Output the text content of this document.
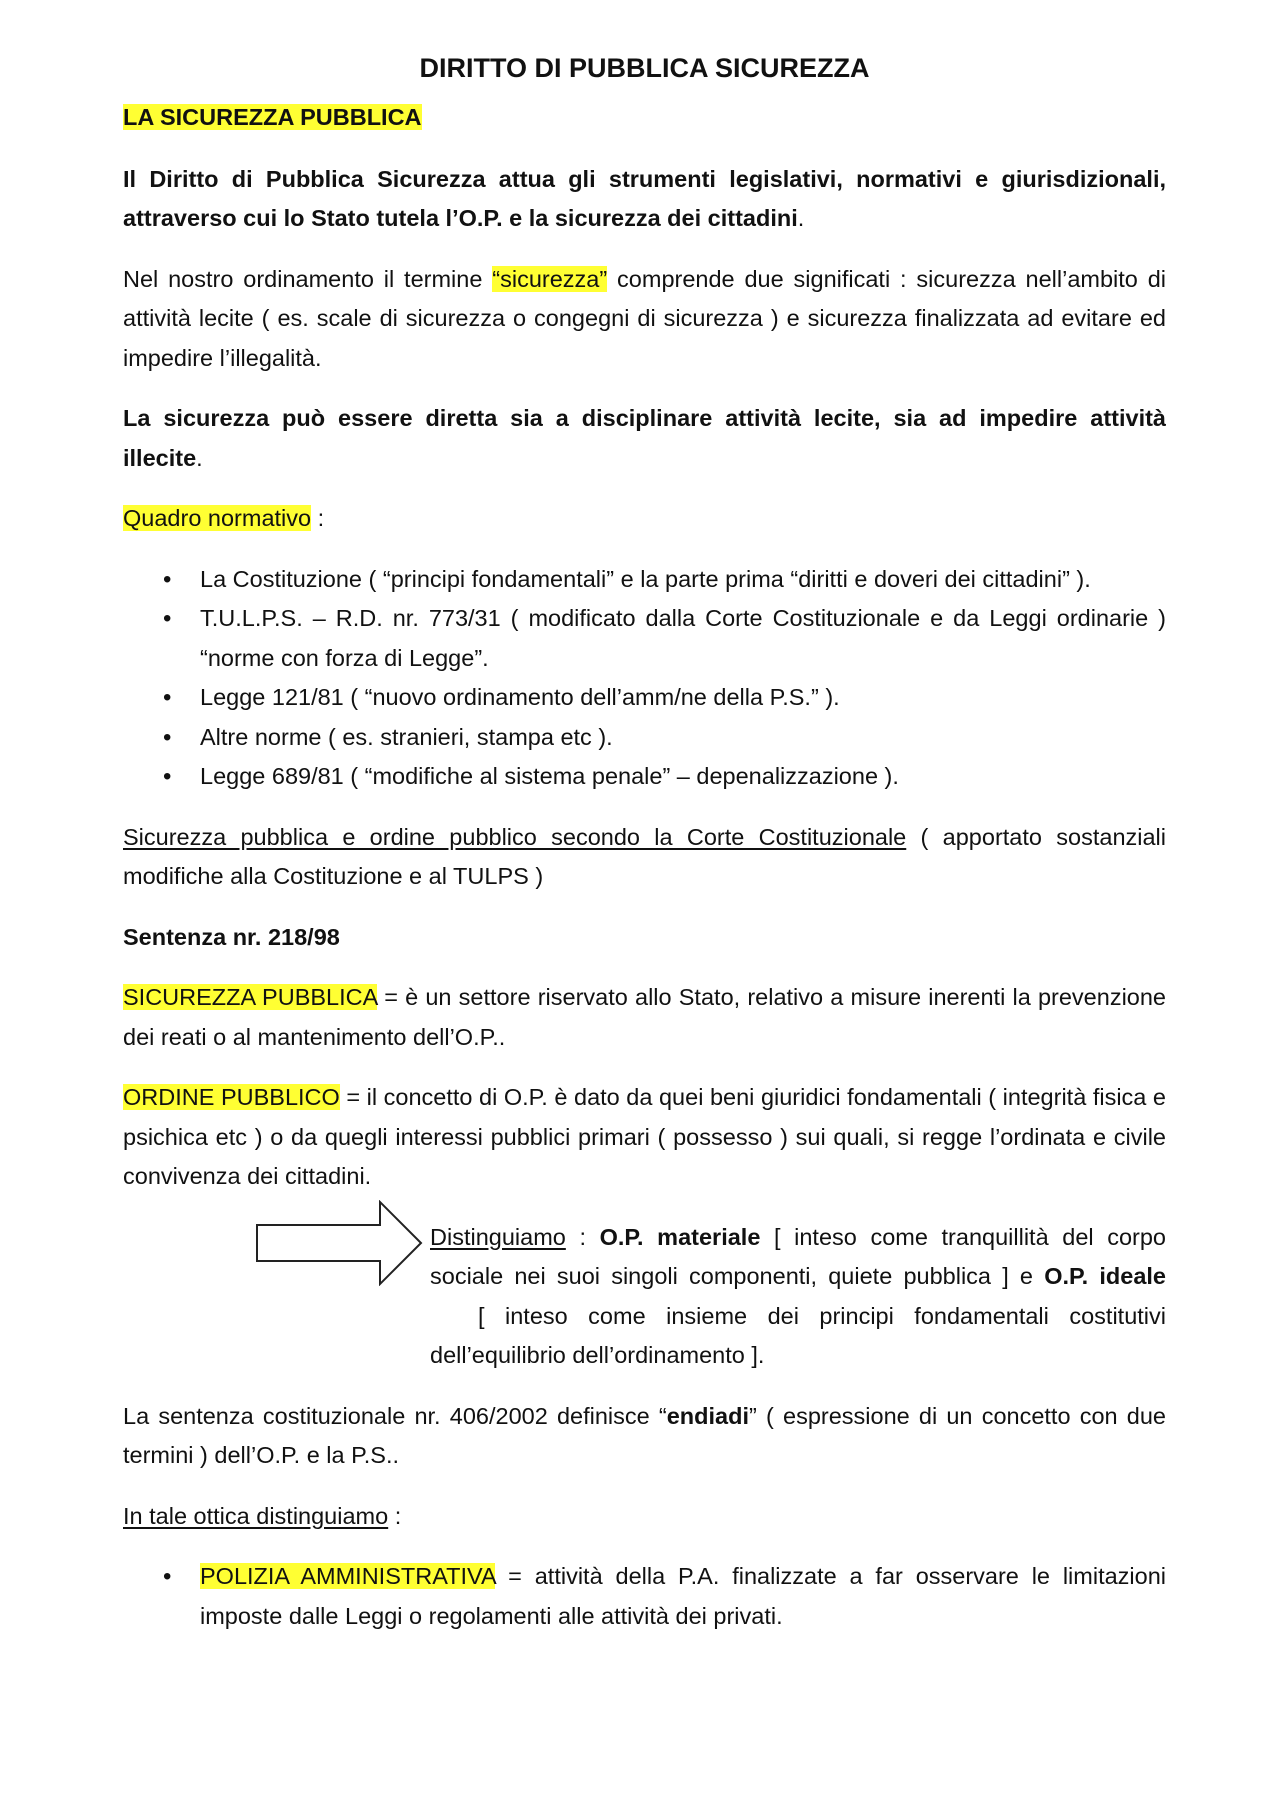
DIRITTO DI PUBBLICA SICUREZZA

LA SICUREZZA PUBBLICA

Il Diritto di Pubblica Sicurezza attua gli strumenti legislativi, normativi e giurisdizionali, attraverso cui lo Stato tutela l’O.P. e la sicurezza dei cittadini.

Nel nostro ordinamento il termine “sicurezza” comprende due significati : sicurezza nell’ambito di attività lecite ( es. scale di sicurezza o congegni di sicurezza ) e sicurezza finalizzata ad evitare ed impedire l’illegalità.

La sicurezza può essere diretta sia a disciplinare attività lecite, sia ad impedire attività illecite.

Quadro normativo :

• La Costituzione ( “principi fondamentali” e la parte prima “diritti e doveri dei cittadini” ).
• T.U.L.P.S. – R.D. nr. 773/31 ( modificato dalla Corte Costituzionale e da Leggi ordinarie ) “norme con forza di Legge”.
• Legge 121/81 ( “nuovo ordinamento dell’amm/ne della P.S.” ).
• Altre norme ( es. stranieri, stampa etc ).
• Legge 689/81 ( “modifiche al sistema penale” – depenalizzazione ).

Sicurezza pubblica e ordine pubblico secondo la Corte Costituzionale ( apportato sostanziali modifiche alla Costituzione e al TULPS )

Sentenza nr. 218/98

SICUREZZA PUBBLICA = è un settore riservato allo Stato, relativo a misure inerenti la prevenzione dei reati o al mantenimento dell’O.P..

ORDINE PUBBLICO = il concetto di O.P. è dato da quei beni giuridici fondamentali ( integrità fisica e psichica etc ) o da quegli interessi pubblici primari ( possesso ) sui quali, si regge l’ordinata e civile convivenza dei cittadini.

Distinguiamo : O.P. materiale [ inteso come tranquillità del corpo sociale nei suoi singoli componenti, quiete pubblica ] e O.P. ideale[ inteso come insieme dei principi fondamentali costitutivi dell’equilibrio dell’ordinamento ].

La sentenza costituzionale nr. 406/2002 definisce “endiadi” ( espressione di un concetto con due termini ) dell’O.P. e la P.S..

In tale ottica distinguiamo :

• POLIZIA AMMINISTRATIVA = attività della P.A. finalizzate a far osservare le limitazioni imposte dalle Leggi o regolamenti alle attività dei privati.
